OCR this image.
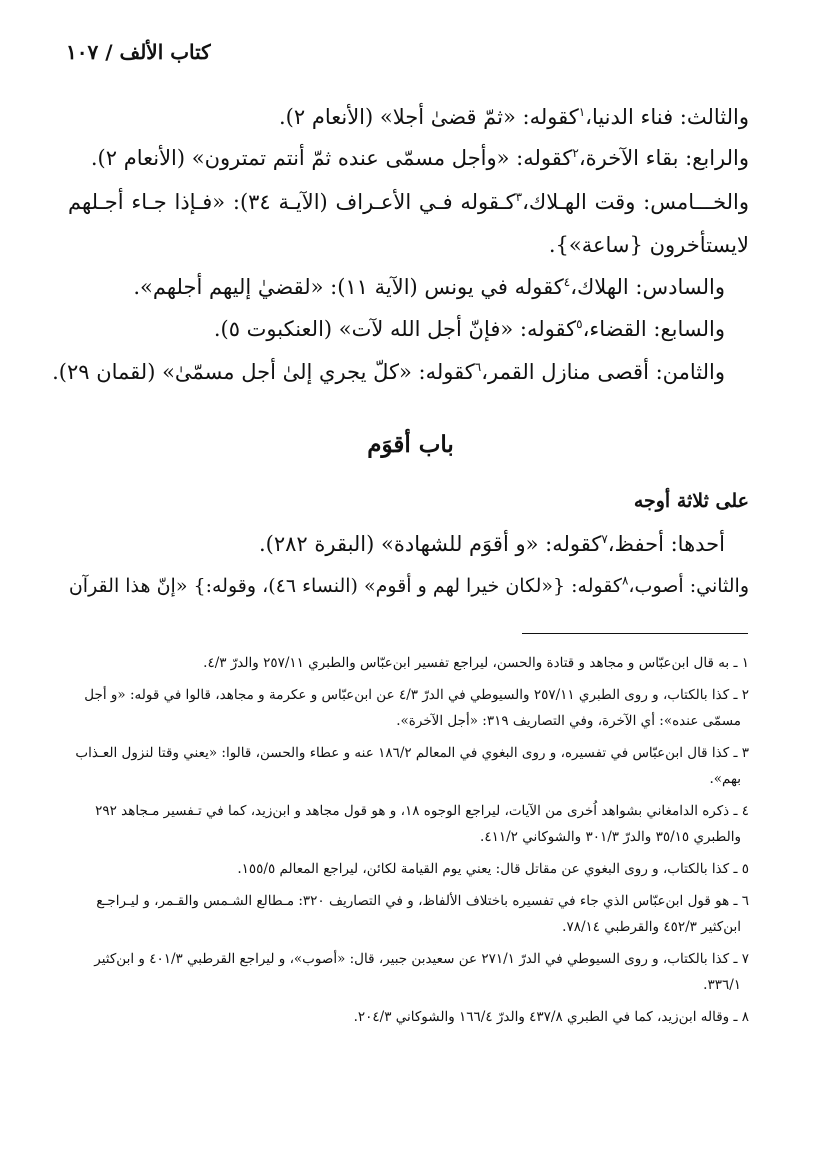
كتاب الألف / ١٠٧
والثالث: فناء الدنيا،$^١$كقوله: «ثمّ قضىٰ أجلا» (الأنعام ٢).
والرابع: بقاء الآخرة،$^٢$كقوله: «وأجل مسمّى عنده ثمّ أنتم تمترون» (الأنعام ٢).
والخـــامس: وقت الهـلاك،$^٣$كـقوله فـي الأعـراف (الآيـة ٣٤): «فـإذا جـاء أجـلهم
لايستأخرون {ساعة»}.
والسادس: الهلاك،$^٤$كقوله في يونس (الآية ١١): «لقضيٰ إليهم أجلهم».
والسابع: القضاء،$^٥$كقوله: «فإنّ أجل الله لآت» (العنكبوت ٥).
والثامن: أقصى منازل القمر،$^٦$كقوله: «كلّ يجري إلىٰ أجل مسمّىٰ» (لقمان ٢٩).
باب أقوَم
على ثلاثة أوجه
أحدها: أحفظ،$^٧$كقوله: «و أقوَم للشهادة» (البقرة ٢٨٢).
والثاني: أصوب،$^٨$كقوله: {«لكان خيرا لهم و أقوم» (النساء ٤٦)، وقوله:} «إنّ هذا القرآن
١ ـ به قال ابن‌عبّاس و مجاهد و قتادة والحسن، ليراجع تفسير ابن‌عبّاس والطبري ٢٥٧/١١ والدرّ ٤/٣.
٢ ـ كذا بالكتاب، و روى الطبري ٢٥٧/١١ والسيوطي في الدرّ ٤/٣ عن ابن‌عبّاس و عكرمة و مجاهد، قالوا في قوله: «و أجل
مسمّى عنده»: أي الآخرة، وفي التصاريف ٣١٩: «أجل الآخرة».
٣ ـ كذا قال ابن‌عبّاس في تفسيره، و روى البغوي في المعالم ١٨٦/٢ عنه و عطاء والحسن، قالوا: «يعني وقتا لنزول العـذاب
بهم».
٤ ـ ذكره الدامغاني بشواهد اُخرى من الآيات، ليراجع الوجوه ١٨، و هو قول مجاهد و ابن‌زيد، كما في تـفسير مـجاهد ٢٩٢
والطبري ٣٥/١٥ والدرّ ٣٠١/٣ والشوكاني ٤١١/٢.
٥ ـ كذا بالكتاب، و روى البغوي عن مقاتل قال: يعني يوم القيامة لكائن، ليراجع المعالم ١٥٥/٥.
٦ ـ هو قول ابن‌عبّاس الذي جاء في تفسيره باختلاف الألفاظ، و في التصاريف ٣٢٠: مـطالع الشـمس والقـمر، و ليـراجـع
ابن‌كثير ٤٥٢/٣ والقرطبي ٧٨/١٤.
٧ ـ كذا بالكتاب، و روى السيوطي في الدرّ ٢٧١/١ عن سعيدبن جبير، قال: «أصوب»، و ليراجع القرطبي ٤٠١/٣ و ابن‌كثير
٣٣٦/١.
٨ ـ وقاله ابن‌زيد، كما في الطبري ٤٣٧/٨ والدرّ ١٦٦/٤ والشوكاني ٢٠٤/٣.
